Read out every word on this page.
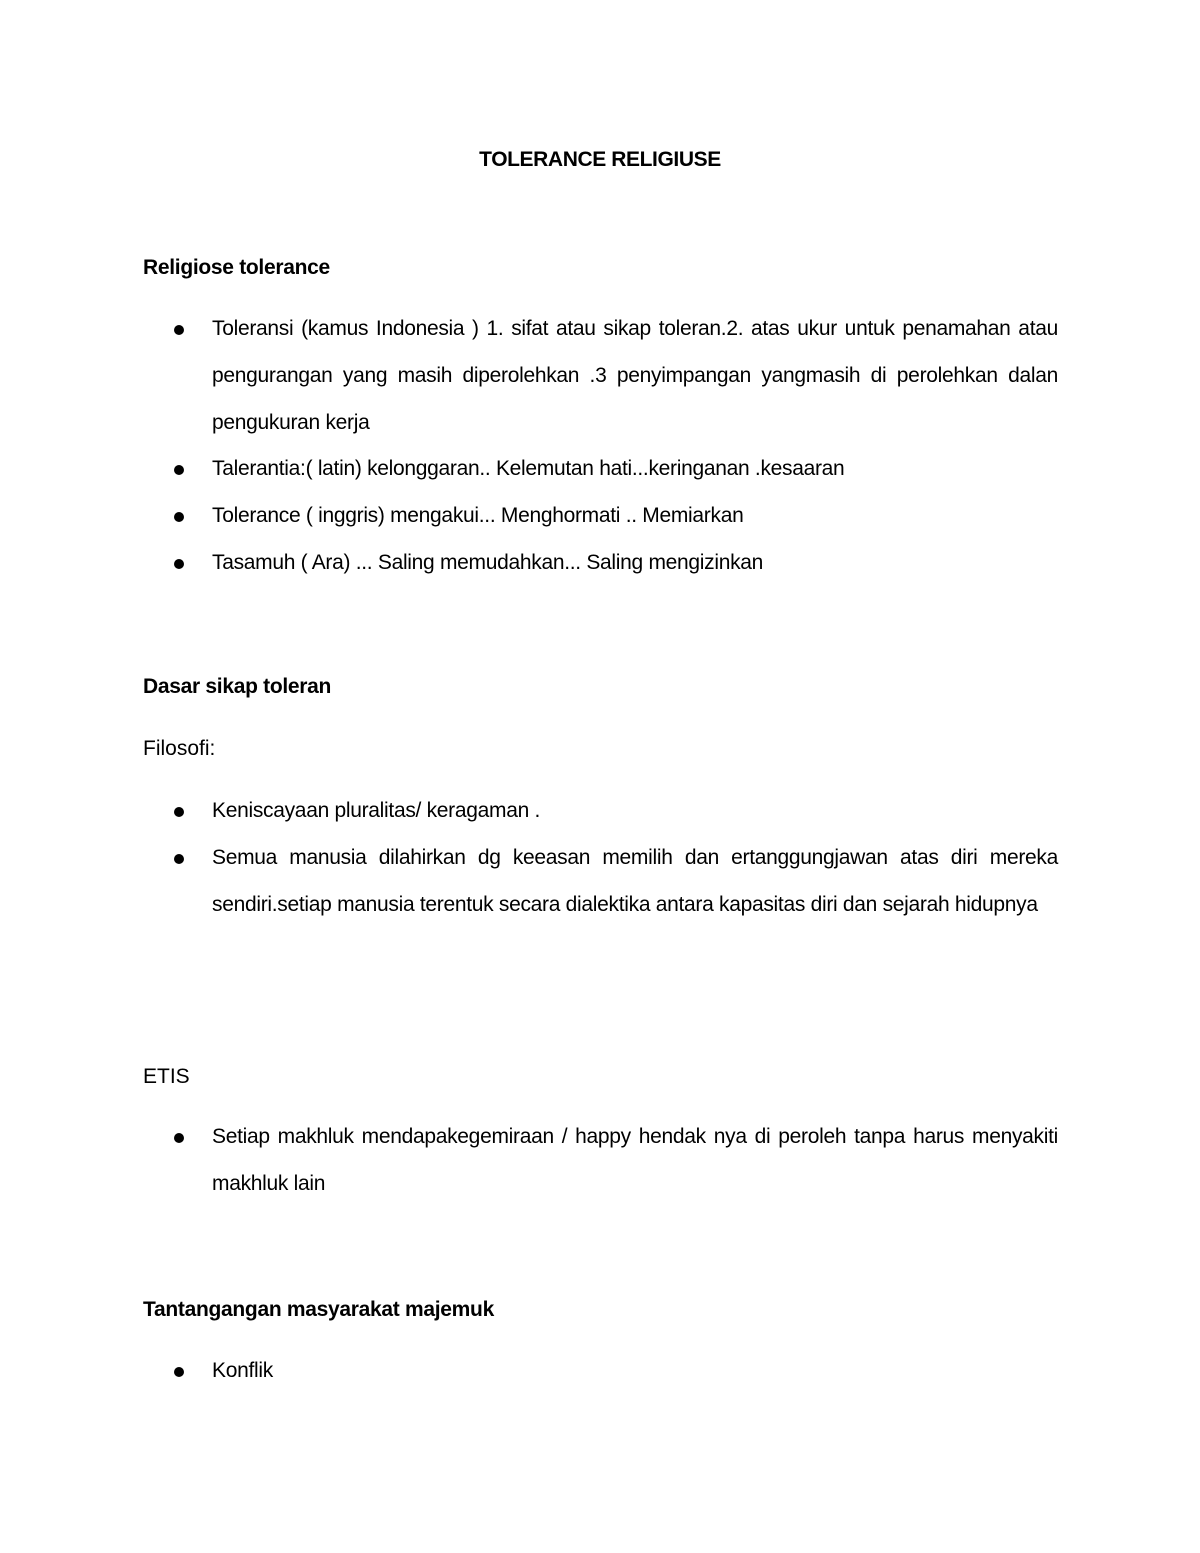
TOLERANCE RELIGIUSE
Religiose tolerance
Toleransi (kamus Indonesia ) 1. sifat atau sikap toleran.2. atas ukur untuk penamahan atau pengurangan yang masih diperolehkan .3 penyimpangan yangmasih di perolehkan dalan pengukuran kerja
Talerantia:( latin) kelonggaran.. Kelemutan hati...keringanan .kesaaran
Tolerance ( inggris) mengakui... Menghormati .. Memiarkan
Tasamuh ( Ara) ... Saling memudahkan... Saling mengizinkan
Dasar sikap toleran
Filosofi:
Keniscayaan pluralitas/ keragaman .
Semua manusia dilahirkan dg keeasan memilih dan ertanggungjawan atas diri mereka sendiri.setiap manusia terentuk secara dialektika antara kapasitas diri dan sejarah hidupnya
ETIS
Setiap makhluk mendapakegemiraan / happy hendak nya di peroleh tanpa harus menyakiti makhluk lain
Tantangangan masyarakat majemuk
Konflik
